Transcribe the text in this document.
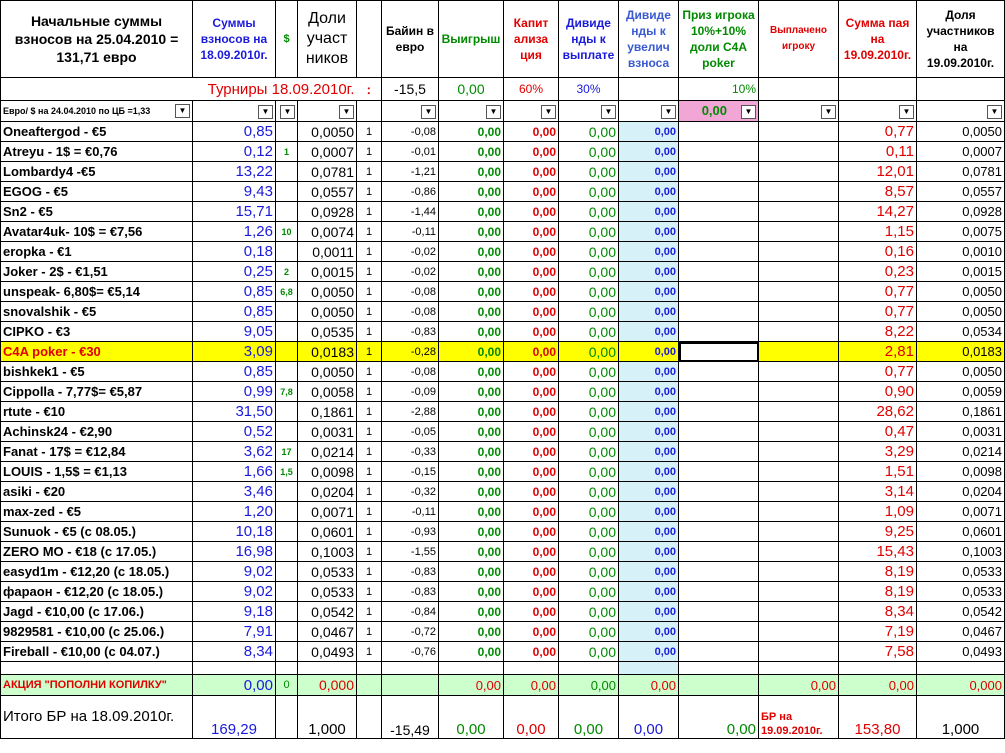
Начальные суммы взносов на 25.04.2010 = 131,71 евро	Суммы взносов на 18.09.2010г.	$	Доли участ ников		Байин в евро	Выигрыш	Капит ализа ция	Дивиде нды к выплате	Дивиде нды к увелич взноса	Приз игрока 10%+10% доли C4A poker	Выплачено игроку	Сумма пая на 19.09.2010г.	Доля участников на 19.09.2010г.
Турниры 18.09.2010г.				:	-15,5	0,00	60%	30%		10%			
Евро/ $ на 24.04.2010 по ЦБ =1,33 ▼	▼	▼	▼		▼	▼	▼	▼	▼	0,00 ▼	▼	▼	▼
Oneaftergod - €5	0,85		0,0050	1	-0,08	0,00	0,00	0,00	0,00			0,77	0,0050
Atreyu - 1$ = €0,76	0,12	1	0,0007	1	-0,01	0,00	0,00	0,00	0,00			0,11	0,0007
Lombardy4 -€5	13,22		0,0781	1	-1,21	0,00	0,00	0,00	0,00			12,01	0,0781
EGOG - €5	9,43		0,0557	1	-0,86	0,00	0,00	0,00	0,00			8,57	0,0557
Sn2 - €5	15,71		0,0928	1	-1,44	0,00	0,00	0,00	0,00			14,27	0,0928
Avatar4uk- 10$ = €7,56	1,26	10	0,0074	1	-0,11	0,00	0,00	0,00	0,00			1,15	0,0075
eropka - €1	0,18		0,0011	1	-0,02	0,00	0,00	0,00	0,00			0,16	0,0010
Joker - 2$ - €1,51	0,25	2	0,0015	1	-0,02	0,00	0,00	0,00	0,00			0,23	0,0015
unspeak- 6,80$= €5,14	0,85	6,8	0,0050	1	-0,08	0,00	0,00	0,00	0,00			0,77	0,0050
snovalshik - €5	0,85		0,0050	1	-0,08	0,00	0,00	0,00	0,00			0,77	0,0050
CIPKO - €3	9,05		0,0535	1	-0,83	0,00	0,00	0,00	0,00			8,22	0,0534
C4A poker - €30	3,09		0,0183	1	-0,28	0,00	0,00	0,00	0,00			2,81	0,0183
bishkek1 - €5	0,85		0,0050	1	-0,08	0,00	0,00	0,00	0,00			0,77	0,0050
Cippolla - 7,77$= €5,87	0,99	7,8	0,0058	1	-0,09	0,00	0,00	0,00	0,00			0,90	0,0059
rtute - €10	31,50		0,1861	1	-2,88	0,00	0,00	0,00	0,00			28,62	0,1861
Achinsk24 - €2,90	0,52		0,0031	1	-0,05	0,00	0,00	0,00	0,00			0,47	0,0031
Fanat - 17$ = €12,84	3,62	17	0,0214	1	-0,33	0,00	0,00	0,00	0,00			3,29	0,0214
LOUIS - 1,5$ = €1,13	1,66	1,5	0,0098	1	-0,15	0,00	0,00	0,00	0,00			1,51	0,0098
asiki - €20	3,46		0,0204	1	-0,32	0,00	0,00	0,00	0,00			3,14	0,0204
max-zed - €5	1,20		0,0071	1	-0,11	0,00	0,00	0,00	0,00			1,09	0,0071
Sunuok - €5 (c 08.05.)	10,18		0,0601	1	-0,93	0,00	0,00	0,00	0,00			9,25	0,0601
ZERO MO - €18 (c 17.05.)	16,98		0,1003	1	-1,55	0,00	0,00	0,00	0,00			15,43	0,1003
easyd1m - €12,20 (c 18.05.)	9,02		0,0533	1	-0,83	0,00	0,00	0,00	0,00			8,19	0,0533
фараон - €12,20 (c 18.05.)	9,02		0,0533	1	-0,83	0,00	0,00	0,00	0,00			8,19	0,0533
Jagd - €10,00 (c 17.06.)	9,18		0,0542	1	-0,84	0,00	0,00	0,00	0,00			8,34	0,0542
9829581 - €10,00 (c 25.06.)	7,91		0,0467	1	-0,72	0,00	0,00	0,00	0,00			7,19	0,0467
Fireball - €10,00 (c 04.07.)	8,34		0,0493	1	-0,76	0,00	0,00	0,00	0,00			7,58	0,0493

АКЦИЯ "ПОПОЛНИ КОПИЛКУ"	0,00	0	0,000			0,00	0,00	0,00	0,00		0,00	0,00	0,000
Итого БР на 18.09.2010г.	169,29		1,000		-15,49	0,00	0,00	0,00	0,00	0,00	БР на 19.09.2010г.	153,80	1,000
